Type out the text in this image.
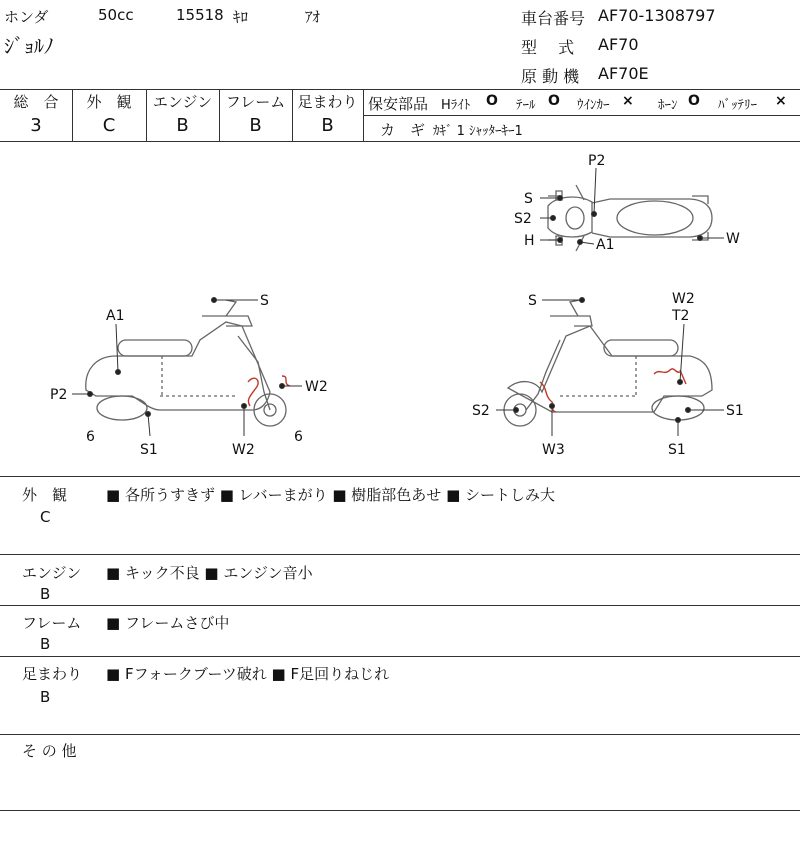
ホンダ	50cc	15518 ｷﾛ	ｱｵ
ｼﾞｮﾙﾉ
車台番号 AF70-1308797
型　 式 AF70
原 動 機 AF70E
総　合
3
外　観
C
エンジン
B
フレーム
B
足まわり
B
保安部品 Hﾗｲﾄ O ﾃｰﾙ O ｳｲﾝｶｰ × ﾎｰﾝ O ﾊﾞｯﾃﾘｰ ×
カ　ギ ｶｷﾞ 1 ｼｬｯﾀｰｷｰ1
P2
S
S2
H	A1	W
S
A1
P2	W2
6
S1	W2
6
S	W2
T2
S2	S1
W3	S1
外　観
C
■ 各所うすきず ■ レバーまがり ■ 樹脂部色あせ ■ シートしみ大
エンジン
B
■ キック不良 ■ エンジン音小
フレーム
B
■ フレームさび中
足まわり
B
■ Fフォークブーツ破れ ■ F足回りねじれ
そ の 他
